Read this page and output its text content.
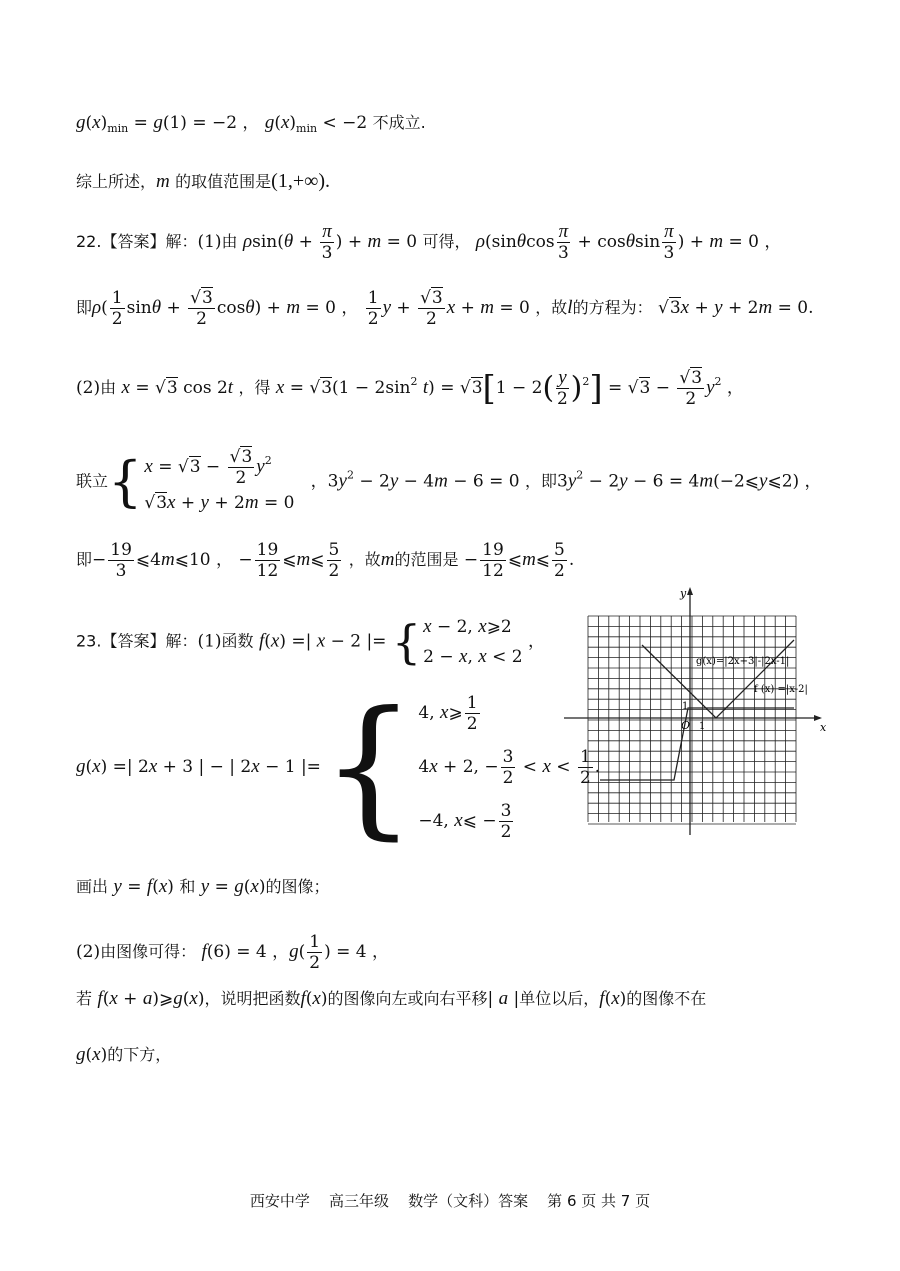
$g(x)_{min} = g(1) = -2$ ， $g(x)_{min} < -2$ 不成立.
综上所述，m 的取值范围是(1,+∞).
22.【答案】解：(1)由 $\rho\sin(\theta + \frac{\pi}{3}$ ) + m = 0 可得， $\rho(\sin\theta\cos \frac{\pi}{3} + \cos\theta\sin \frac{\pi}{3}$ ) + m = 0 ，
即$\rho( \frac{1}{2}$ $\sin\theta + \frac{√3}{2} \cos\theta) + m = 0$ ， $\frac{1}{2}$ $y + \frac{√3}{2}$ x + m = 0 ，故l的方程为： √3x + y + 2m = 0.
(2)由 x = √3 cos 2t ，得 $x = √3(1 - 2\sin^2$ $t) = √3[1 - 2( \frac{y}{2} )^2] = √3 - \frac{√3}{2} y^2$ ，
联立{ $x = √3 - \frac{√3}{2} y^2$
√3x + y + 2m = 0
，$3y^2 - 2y - 4m - 6 = 0$ ，即$3y^2 - 2y - 6$ = 4m(−2⩽y⩽2) ，
即− $\frac{19}{3}$ ⩽4m⩽10 ， − $\frac{19}{12}$ ⩽m⩽ $\frac{5}{2}$ ，故m的范围是 − $\frac{19}{12}$ ⩽m⩽ $\frac{5}{2}$ .
23.【答案】解：(1)函数 f(x) =| x − 2 |= { x − 2, x⩾2
2 − x, x < 2
，
g(x) =| 2x + 3 | − | 2x − 1 |={ 4, x⩾ $\frac{1}{2}$
4x + 2, − $\frac{3}{2} < x < \frac{1}{2}$ .
−4, x⩽ − $\frac{3}{2}$
g(x)=|2x+3|-|2x-1|
f (x) =|x-2|
x
y
O 1
1
画出 y = f(x) 和 y = g(x)的图像；
(2)由图像可得： f(6) = 4 ，$g( \frac{1}{2}$ ) = 4 ，
若 f(x + a)⩾g(x)，说明把函数f(x)的图像向左或向右平移| a |单位以后，f(x)的图像不在
g(x)的下方，
西安中学 高三年级 数学（文科）答案 第 6 页 共 7 页
